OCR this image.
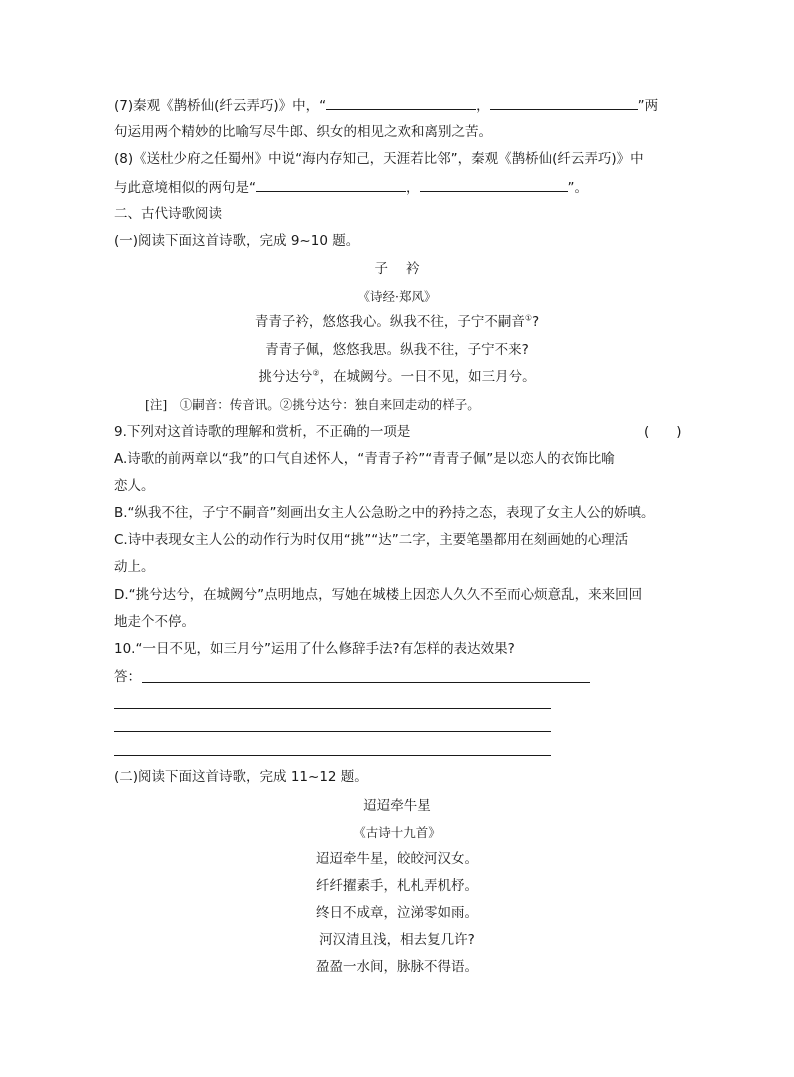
(7)秦观《鹊桥仙(纤云弄巧)》中，“	，	”两
句运用两个精妙的比喻写尽牛郎、织女的相见之欢和离别之苦。
(8)《送杜少府之任蜀州》中说“海内存知己，天涯若比邻”，秦观《鹊桥仙(纤云弄巧)》中
与此意境相似的两句是“	，	”。
二、古代诗歌阅读
(一)阅读下面这首诗歌，完成 9~10 题。
子衿
《诗经·郑风》
青青子衿，悠悠我心。纵我不往，子宁不嗣音①?
青青子佩，悠悠我思。纵我不往，子宁不来?
挑兮达兮②，在城阙兮。一日不见，如三月兮。
[注]　①嗣音：传音讯。②挑兮达兮：独自来回走动的样子。
9.下列对这首诗歌的理解和赏析，不正确的一项是	(　　)
A.诗歌的前两章以“我”的口气自述怀人，“青青子衿”“青青子佩”是以恋人的衣饰比喻
恋人。
B.“纵我不往，子宁不嗣音”刻画出女主人公急盼之中的矜持之态，表现了女主人公的娇嗔。
C.诗中表现女主人公的动作行为时仅用“挑”“达”二字，主要笔墨都用在刻画她的心理活
动上。
D.“挑兮达兮，在城阙兮”点明地点，写她在城楼上因恋人久久不至而心烦意乱，来来回回
地走个不停。
10.“一日不见，如三月兮”运用了什么修辞手法?有怎样的表达效果?
答：
(二)阅读下面这首诗歌，完成 11~12 题。
迢迢牵牛星
《古诗十九首》
迢迢牵牛星，皎皎河汉女。
纤纤擢素手，札札弄机杼。
终日不成章，泣涕零如雨。
河汉清且浅，相去复几许?
盈盈一水间，脉脉不得语。
